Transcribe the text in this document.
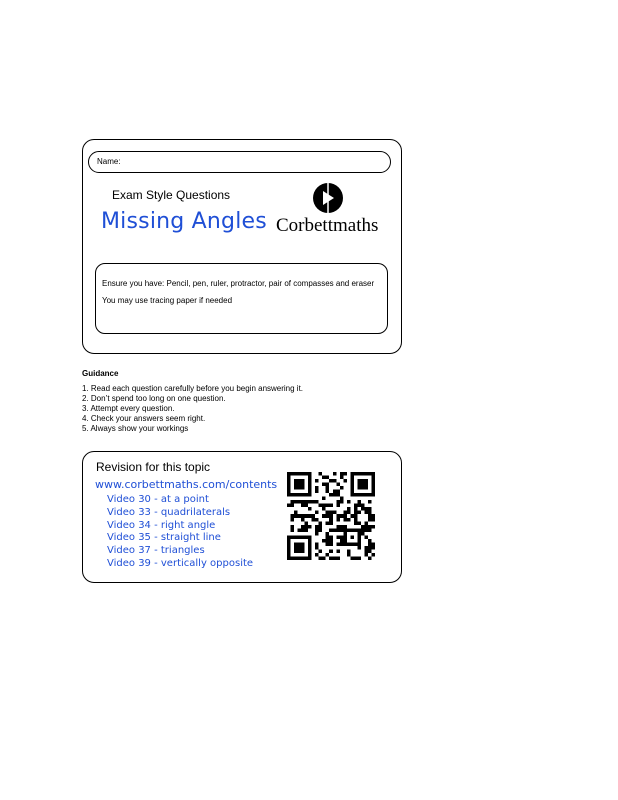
Name:
Exam Style Questions
Missing Angles Corbettmaths
Ensure you have: Pencil, pen, ruler, protractor, pair of compasses and eraser
You may use tracing paper if needed
Guidance
1. Read each question carefully before you begin answering it.
2. Don’t spend too long on one question.
3. Attempt every question.
4. Check your answers seem right.
5. Always show your workings
Revision for this topic
www.corbettmaths.com/contents
Video 30 - at a point
Video 33 - quadrilaterals
Video 34 - right angle
Video 35 - straight line
Video 37 - triangles
Video 39 - vertically opposite
